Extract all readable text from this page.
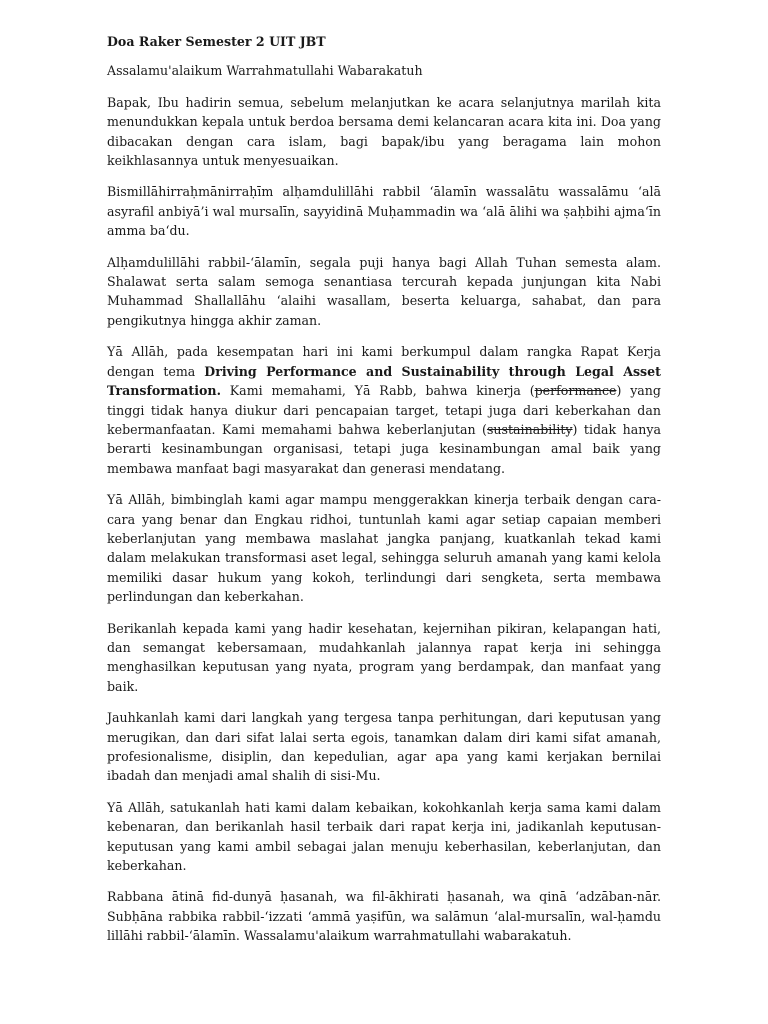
Doa Raker Semester 2 UIT JBT
Assalamu'alaikum Warrahmatullahi Wabarakatuh

Bapak, Ibu hadirin semua, sebelum melanjutkan ke acara selanjutnya marilah kita menundukkan kepala untuk berdoa bersama demi kelancaran acara kita ini. Doa yang dibacakan dengan cara islam, bagi bapak/ibu yang beragama lain mohon keikhlasannya untuk menyesuaikan.

Bismillāhirraḥmānirraḥīm alḥamdulillāhi rabbil ‘ālamīn wassalātu wassalāmu ‘alā asyrafil anbiyā’i wal mursalīn, sayyidinā Muḥammadin wa ‘alā ālihi wa ṣaḥbihi ajma‘īn amma ba‘du.

Alḥamdulillāhi rabbil-‘ālamīn, segala puji hanya bagi Allah Tuhan semesta alam. Shalawat serta salam semoga senantiasa tercurah kepada junjungan kita Nabi Muhammad Shallallāhu ‘alaihi wasallam, beserta keluarga, sahabat, dan para pengikutnya hingga akhir zaman.

Yā Allāh, pada kesempatan hari ini kami berkumpul dalam rangka Rapat Kerja dengan tema Driving Performance and Sustainability through Legal Asset Transformation. Kami memahami, Yā Rabb, bahwa kinerja (performance) yang tinggi tidak hanya diukur dari pencapaian target, tetapi juga dari keberkahan dan kebermanfaatan. Kami memahami bahwa keberlanjutan (sustainability) tidak hanya berarti kesinambungan organisasi, tetapi juga kesinambungan amal baik yang membawa manfaat bagi masyarakat dan generasi mendatang.

Yā Allāh, bimbinglah kami agar mampu menggerakkan kinerja terbaik dengan cara-cara yang benar dan Engkau ridhoi, tuntunlah kami agar setiap capaian memberi keberlanjutan yang membawa maslahat jangka panjang, kuatkanlah tekad kami dalam melakukan transformasi aset legal, sehingga seluruh amanah yang kami kelola memiliki dasar hukum yang kokoh, terlindungi dari sengketa, serta membawa perlindungan dan keberkahan.

Berikanlah kepada kami yang hadir kesehatan, kejernihan pikiran, kelapangan hati, dan semangat kebersamaan, mudahkanlah jalannya rapat kerja ini sehingga menghasilkan keputusan yang nyata, program yang berdampak, dan manfaat yang baik.

Jauhkanlah kami dari langkah yang tergesa tanpa perhitungan, dari keputusan yang merugikan, dan dari sifat lalai serta egois, tanamkan dalam diri kami sifat amanah, profesionalisme, disiplin, dan kepedulian, agar apa yang kami kerjakan bernilai ibadah dan menjadi amal shalih di sisi-Mu.

Yā Allāh, satukanlah hati kami dalam kebaikan, kokohkanlah kerja sama kami dalam kebenaran, dan berikanlah hasil terbaik dari rapat kerja ini, jadikanlah keputusan-keputusan yang kami ambil sebagai jalan menuju keberhasilan, keberlanjutan, dan keberkahan.

Rabbana ātinā fid-dunyā ḥasanah, wa fil-ākhirati ḥasanah, wa qinā ‘adzāban-nār. Subḥāna rabbika rabbil-‘izzati ‘ammā yaṣifūn, wa salāmun ‘alal-mursalīn, wal-ḥamdu lillāhi rabbil-‘ālamīn. Wassalamu'alaikum warrahmatullahi wabarakatuh.
